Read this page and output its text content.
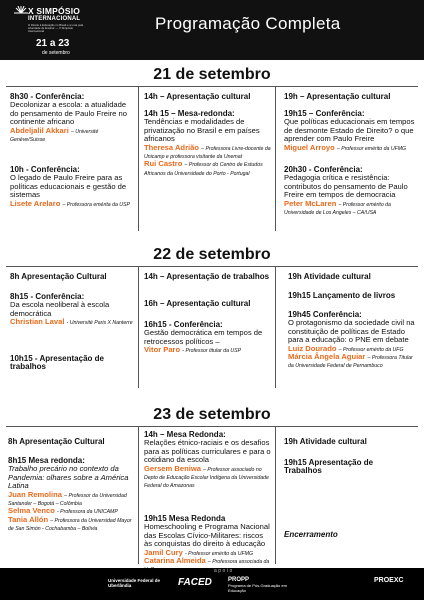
X SIMPÓSIO
INTERNACIONAL
O Direito à Educação no Brasil e a Luta pela Liberdade de Ensinar — X Simpósio Internacional
21 a 23
de setembro
Programação Completa
21 de setembro
8h30 - Conferência:
Decolonizar a escola: a atualidade do pensamento de Paulo Freire no continente africano
Abdeljalil Akkari – Université Genève/Suisse
10h - Conferência:
O legado de Paulo Freire para as políticas educacionais e gestão de sistemas
Lisete Arelaro – Professora emérita da USP
14h – Apresentação cultural
14h 15 – Mesa-redonda:
Tendências e modalidades de privatização no Brasil e em países africanos
Theresa Adrião – Professora Livre-docente da Unicamp e professora visitante da Unemat
Rui Castro – Professor do Centro de Estudos Africanos da Universidade do Porto - Portugal
19h – Apresentação cultural
19h15 – Conferência:
Que políticas educacionais em tempos de desmonte Estado de Direito? o que aprender com Paulo Freire
Miguel Arroyo – Professor emérito da UFMG
20h30 - Conferência:
Pedagogia crítica e resistência: contributos do pensamento de Paulo Freire em tempos de democracia
Peter McLaren – Professor emérito da Universidade de Los Angeles – CA/USA
22 de setembro
8h Apresentação Cultural
8h15 - Conferência:
Da escola neoliberal à escola democrática
Christian Laval - Université Paris X Nanterre
10h15 - Apresentação de trabalhos
14h – Apresentação de trabalhos
16h – Apresentação cultural
16h15 - Conferência:
Gestão democrática em tempos de retrocessos políticos –
Vitor Paro - Professor titular da USP
19h Atividade cultural
19h15 Lançamento de livros
19h45 Conferência:
O protagonismo da sociedade civil na constituição de políticas de Estado para a educação: o PNE em debate
Luiz Dourado – Professor emérito da UFG
Márcia Ângela Aguiar – Professora Titular da Universidade Federal de Pernambuco
23 de setembro
8h Apresentação Cultural
8h15 Mesa redonda:
Trabalho precário no contexto da Pandemia: olhares sobre a América Latina
Juan Remolina – Professor da Universidad Santander – Bogotá – Colômbia
Selma Venco - Professora da UNICAMP
Tania Allón – Professora da Universidad Mayor de San Simón - Cochabamba – Bolívia
14h – Mesa Redonda:
Relações étnico-raciais e os desafios para as políticas curriculares e para o cotidiano da escola
Gersem Beniwa – Professor associado no Depto de Educação Escolar Indígena da Universidade Federal do Amazonas
19h15 Mesa Redonda
Homeschooling e Programa Nacional das Escolas Cívico-Militares: riscos às conquistas do direito à educação
Jamil Cury - Professor emérito da UFMG
Catarina Almeida – Professora associada da
19h Atividade cultural
19h15 Apresentação de Trabalhos
Encerramento
apoio
Universidade Federal de Uberlândia	FACED	PROPP
Programa de Pós-Graduação em Educação
PROEXC
